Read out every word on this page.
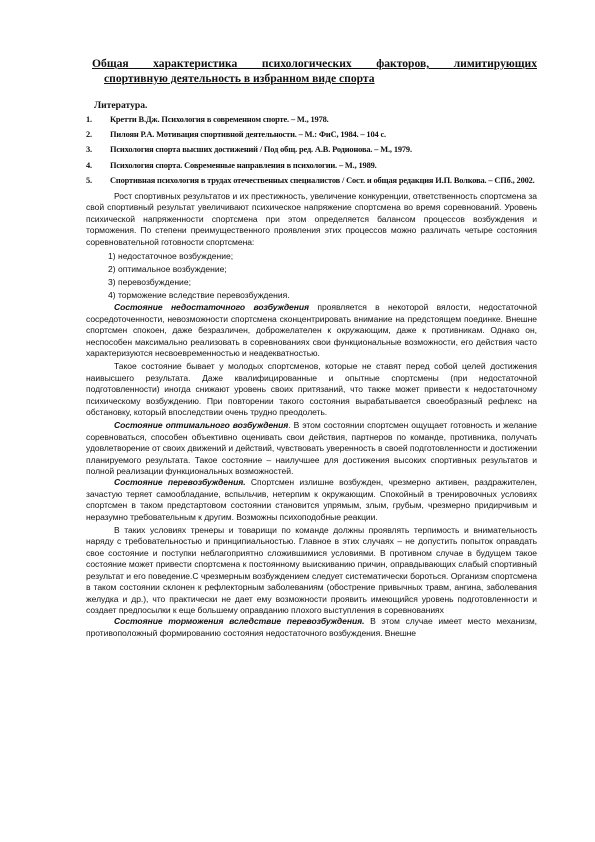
Общая характеристика психологических факторов, лимитирующих
спортивную деятельность в избранном виде спорта
Литература.
1. Кретти В.Дж. Психология в современном спорте. – М., 1978.
2. Пилоян Р.А. Мотивация спортивной деятельности. – М.: ФиС, 1984. – 104 с.
3. Психология спорта высших достижений / Под общ. ред. А.В. Родионова. – М., 1979.
4. Психология спорта. Современные направления в психологии. – М., 1989.
5. Спортивная психология в трудах отечественных специалистов / Сост. и общая редакция И.П. Волкова. – СПб., 2002.

Рост спортивных результатов и их престижность, увеличение конкуренции, ответственность спортсмена за свой спортивный результат увеличивают психическое напряжение спортсмена во время соревнований. Уровень психической напряженности спортсмена при этом определяется балансом процессов возбуждения и торможения. По степени преимущественного проявления этих процессов можно различать четыре состояния соревновательной готовности спортсмена:

1) недостаточное возбуждение;
2) оптимальное возбуждение;
3) перевозбуждение;
4) торможение вследствие перевозбуждения.

Состояние недостаточного возбуждения проявляется в некоторой вялости, недостаточной сосредоточенности, невозможности спортсмена сконцентрировать внимание на предстоящем поединке. Внешне спортсмен спокоен, даже безразличен, доброжелателен к окружающим, даже к противникам. Однако он, неспособен максимально реализовать в соревнованиях свои функциональные возможности, его действия часто характеризуются несвоевременностью и неадекватностью.

Такое состояние бывает у молодых спортсменов, которые не ставят перед собой целей достижения наивысшего результата. Даже квалифицированные и опытные спортсмены (при недостаточной подготовленности) иногда снижают уровень своих притязаний, что также может привести к недостаточному психическому возбуждению. При повторении такого состояния вырабатывается своеобразный рефлекс на обстановку, который впоследствии очень трудно преодолеть.

Состояние оптимального возбуждения. В этом состоянии спортсмен ощущает готовность и желание соревноваться, способен объективно оценивать свои действия, партнеров по команде, противника, получать удовлетворение от своих движений и действий, чувствовать уверенность в своей подготовленности и достижении планируемого результата. Такое состояние – наилучшее для достижения высоких спортивных результатов и полной реализации функциональных возможностей.

Состояние перевозбуждения. Спортсмен излишне возбужден, чрезмерно активен, раздражителен, зачастую теряет самообладание, вспыльчив, нетерпим к окружающим. Спокойный в тренировочных условиях спортсмен в таком предстартовом состоянии становится упрямым, злым, грубым, чрезмерно придирчивым и неразумно требовательным к другим. Возможны психоподобные реакции.

В таких условиях тренеры и товарищи по команде должны проявлять терпимость и внимательность наряду с требовательностью и принципиальностью. Главное в этих случаях – не допустить попыток оправдать свое состояние и поступки неблагоприятно сложившимися условиями. В противном случае в будущем такое состояние может привести спортсмена к постоянному выискиванию причин, оправдывающих слабый спортивный результат и его поведение.С чрезмерным возбуждением следует систематически бороться. Организм спортсмена в таком состоянии склонен к рефлекторным заболеваниям (обострение привычных травм, ангина, заболевания желудка и др.), что практически не дает ему возможности проявить имеющийся уровень подготовленности и создает предпосылки к еще большему оправданию плохого выступления в соревнованиях

Состояние торможения вследствие перевозбуждения. В этом случае имеет место механизм, противоположный формированию состояния недостаточного возбуждения. Внешне
